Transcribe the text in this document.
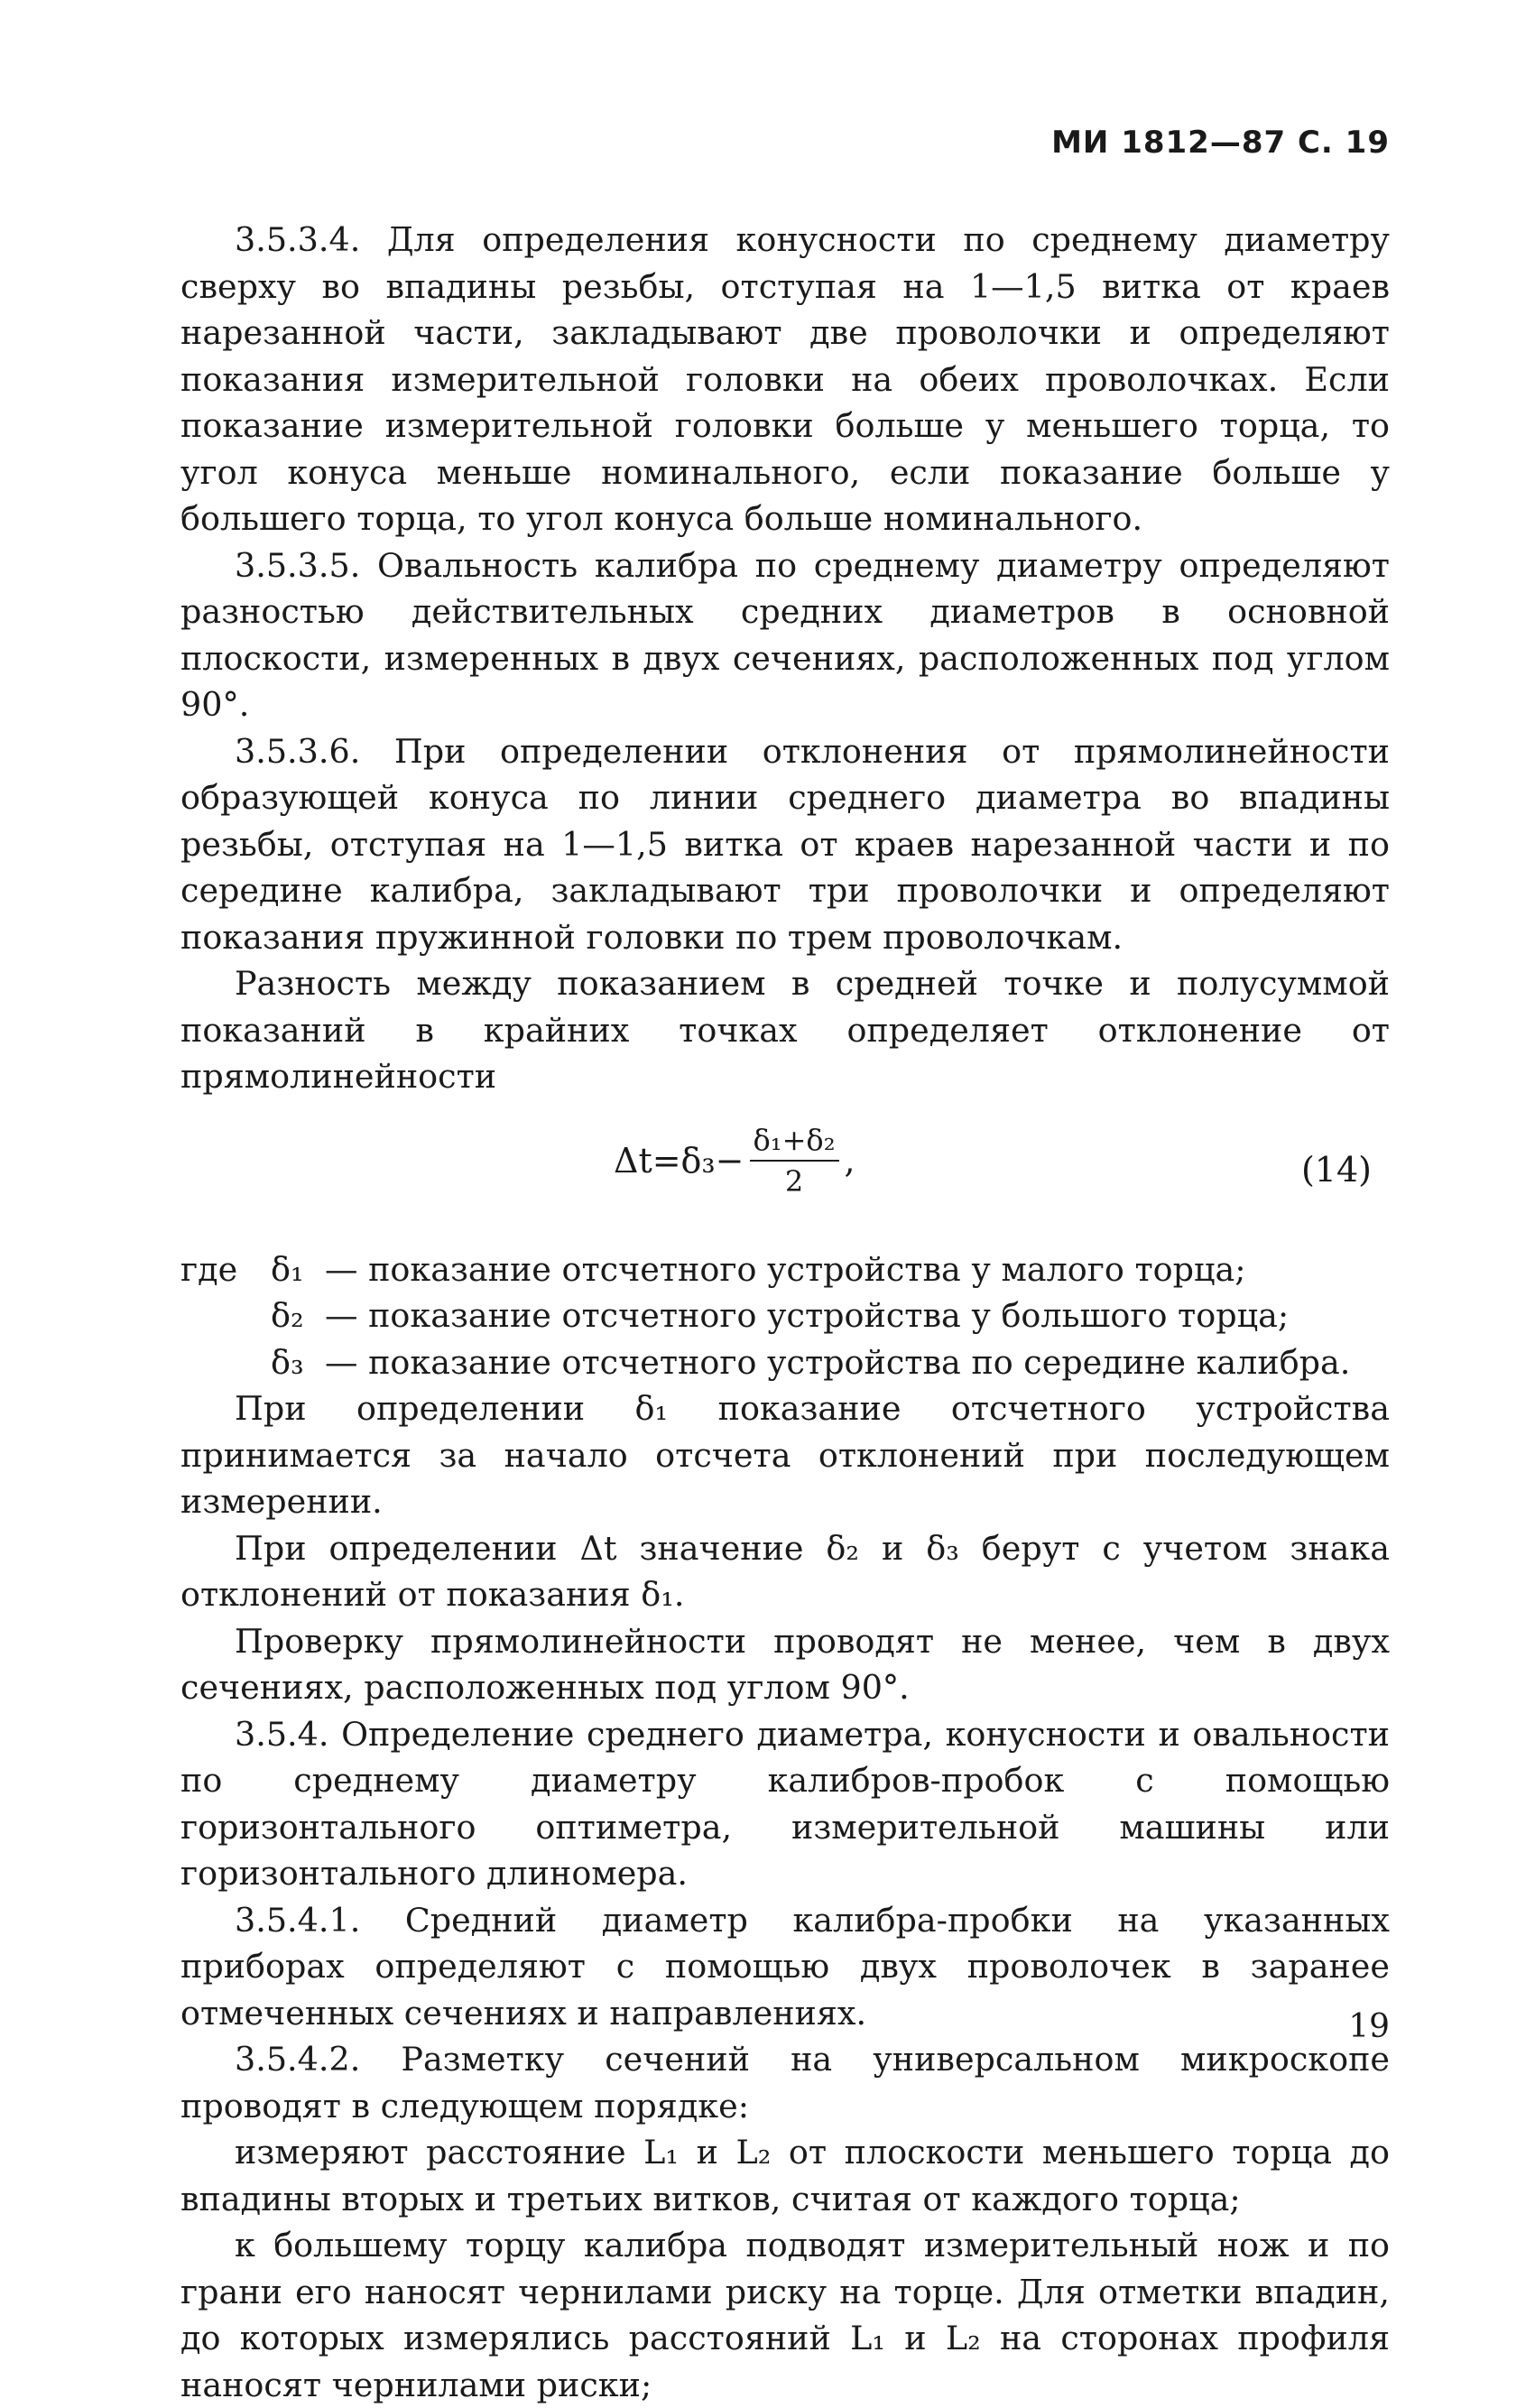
МИ 1812—87 С. 19

3.5.3.4. Для определения конусности по среднему диаметру сверху во впадины резьбы, отступая на 1—1,5 витка от краев нарезанной части, закладывают две проволочки и определяют показания измерительной головки на обеих проволочках. Если показание измерительной головки больше у меньшего торца, то угол конуса меньше номинального, если показание больше у большего торца, то угол конуса больше номинального.

3.5.3.5. Овальность калибра по среднему диаметру определяют разностью действительных средних диаметров в основной плоскости, измеренных в двух сечениях, расположенных под углом 90°.

3.5.3.6. При определении отклонения от прямолинейности образующей конуса по линии среднего диаметра во впадины резьбы, отступая на 1—1,5 витка от краев нарезанной части и по середине калибра, закладывают три проволочки и определяют показания пружинной головки по трем проволочкам.

Разность между показанием в средней точке и полусуммой показаний в крайних точках определяет отклонение от прямолинейности

$\Delta t=\delta_3- \frac{\text{δ₁+δ₂}}{2}$ ,	(14)
где	δ₁ — показание отсчетного устройства у малого торца;
δ₂ — показание отсчетного устройства у большого торца;
δ₃ — показание отсчетного устройства по середине калибра.

При определении δ₁ показание отсчетного устройства принимается за начало отсчета отклонений при последующем измерении.

При определении Δt значение δ₂ и δ₃ берут с учетом знака отклонений от показания δ₁.

Проверку прямолинейности проводят не менее, чем в двух сечениях, расположенных под углом 90°.

3.5.4. Определение среднего диаметра, конусности и овальности по среднему диаметру калибров-пробок с помощью горизонтального оптиметра, измерительной машины или горизонтального длиномера.

3.5.4.1. Средний диаметр калибра-пробки на указанных приборах определяют с помощью двух проволочек в заранее отмеченных сечениях и направлениях.

3.5.4.2. Разметку сечений на универсальном микроскопе проводят в следующем порядке:

измеряют расстояние L₁ и L₂ от плоскости меньшего торца до впадины вторых и третьих витков, считая от каждого торца;

к большему торцу калибра подводят измерительный нож и по грани его наносят чернилами риску на торце. Для отметки впадин, до которых измерялись расстояний L₁ и L₂ на сторонах профиля наносят чернилами риски;

19
